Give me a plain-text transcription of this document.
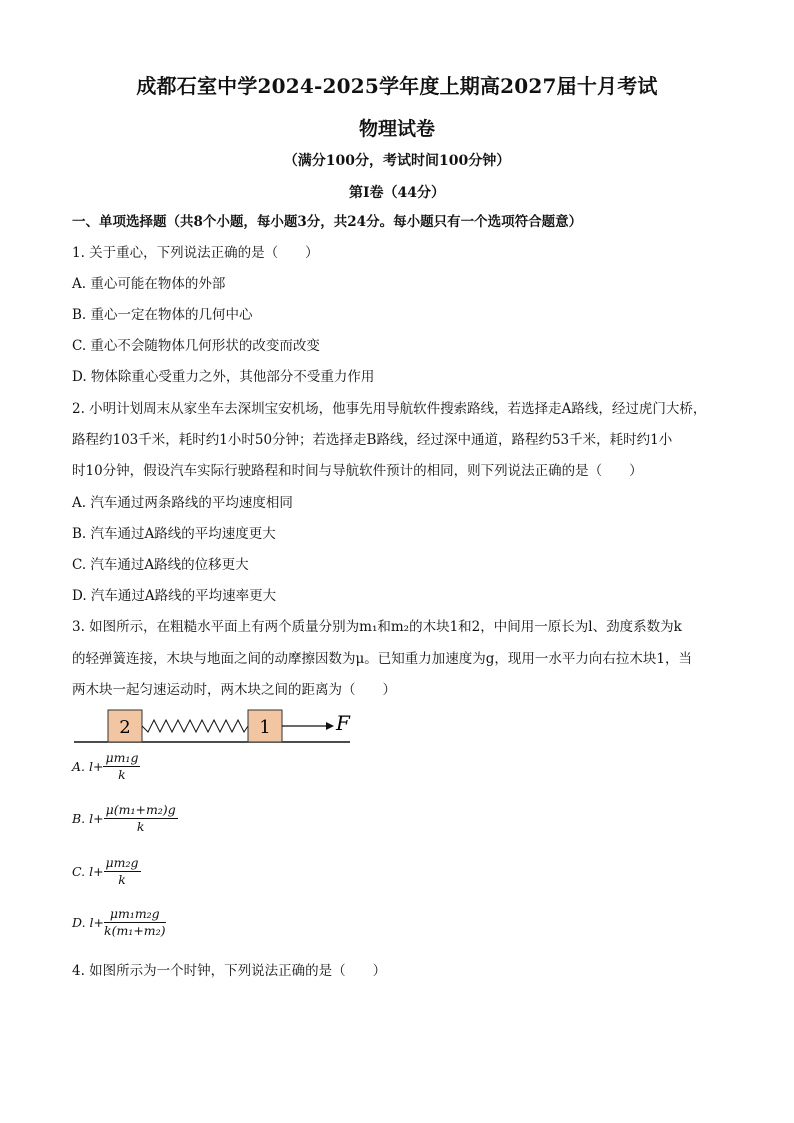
成都石室中学2024-2025学年度上期高2027届十月考试
物理试卷
（满分100分，考试时间100分钟）
第Ⅰ卷（44分）
一、单项选择题（共8个小题，每小题3分，共24分。每小题只有一个选项符合题意）
1. 关于重心，下列说法正确的是（　　）
A. 重心可能在物体的外部
B. 重心一定在物体的几何中心
C. 重心不会随物体几何形状的改变而改变
D. 物体除重心受重力之外，其他部分不受重力作用
2. 小明计划周末从家坐车去深圳宝安机场，他事先用导航软件搜索路线，若选择走A路线，经过虎门大桥，
路程约103千米，耗时约1小时50分钟；若选择走B路线，经过深中通道，路程约53千米，耗时约1小
时10分钟，假设汽车实际行驶路程和时间与导航软件预计的相同，则下列说法正确的是（　　）
A. 汽车通过两条路线的平均速度相同
B. 汽车通过A路线的平均速度更大
C. 汽车通过A路线的位移更大
D. 汽车通过A路线的平均速率更大
3. 如图所示，在粗糙水平面上有两个质量分别为m₁和m₂的木块1和2，中间用一原长为l、劲度系数为k
的轻弹簧连接，木块与地面之间的动摩擦因数为μ。已知重力加速度为g，现用一水平力向右拉木块1，当
两木块一起匀速运动时，两木块之间的距离为（　　）
2	1	F
A. $l+ \frac{\text{μm₁g}}{k}$
B. $l+ \frac{\text{μ(m₁+m₂)g}}{k}$
C. $l+ \frac{\text{μm₂g}}{k}$
D. $l+ \frac{\text{μm₁m₂g}}{\text{k(m₁+m₂)}}$
4. 如图所示为一个时钟，下列说法正确的是（　　）
